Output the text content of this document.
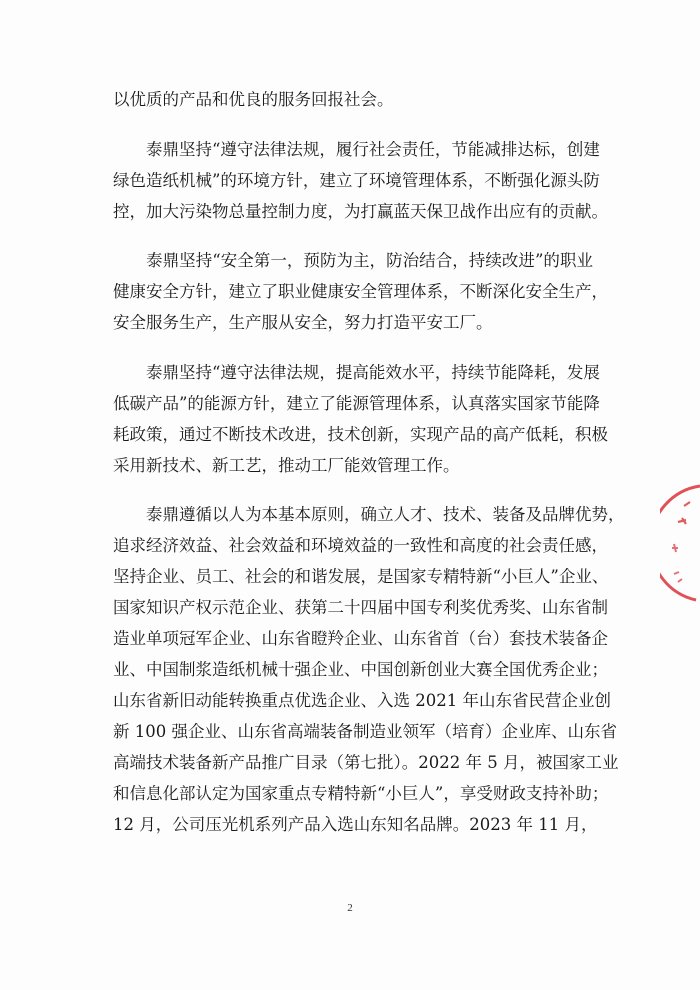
以优质的产品和优良的服务回报社会。
　　泰鼎坚持“遵守法律法规，履行社会责任，节能减排达标，创建
绿色造纸机械”的环境方针，建立了环境管理体系，不断强化源头防
控，加大污染物总量控制力度，为打赢蓝天保卫战作出应有的贡献。
　　泰鼎坚持“安全第一，预防为主，防治结合，持续改进”的职业
健康安全方针，建立了职业健康安全管理体系，不断深化安全生产，
安全服务生产，生产服从安全，努力打造平安工厂。
　　泰鼎坚持“遵守法律法规，提高能效水平，持续节能降耗，发展
低碳产品”的能源方针，建立了能源管理体系，认真落实国家节能降
耗政策，通过不断技术改进，技术创新，实现产品的高产低耗，积极
采用新技术、新工艺，推动工厂能效管理工作。
　　泰鼎遵循以人为本基本原则，确立人才、技术、装备及品牌优势，
追求经济效益、社会效益和环境效益的一致性和高度的社会责任感，
坚持企业、员工、社会的和谐发展，是国家专精特新“小巨人”企业、
国家知识产权示范企业、获第二十四届中国专利奖优秀奖、山东省制
造业单项冠军企业、山东省瞪羚企业、山东省首（台）套技术装备企
业、中国制浆造纸机械十强企业、中国创新创业大赛全国优秀企业；
山东省新旧动能转换重点优选企业、入选 2021 年山东省民营企业创
新 100 强企业、山东省高端装备制造业领军（培育）企业库、山东省
高端技术装备新产品推广目录（第七批）。2022 年 5 月，被国家工业
和信息化部认定为国家重点专精特新“小巨人”，享受财政支持补助；
12 月，公司压光机系列产品入选山东知名品牌。2023 年 11 月，
2
